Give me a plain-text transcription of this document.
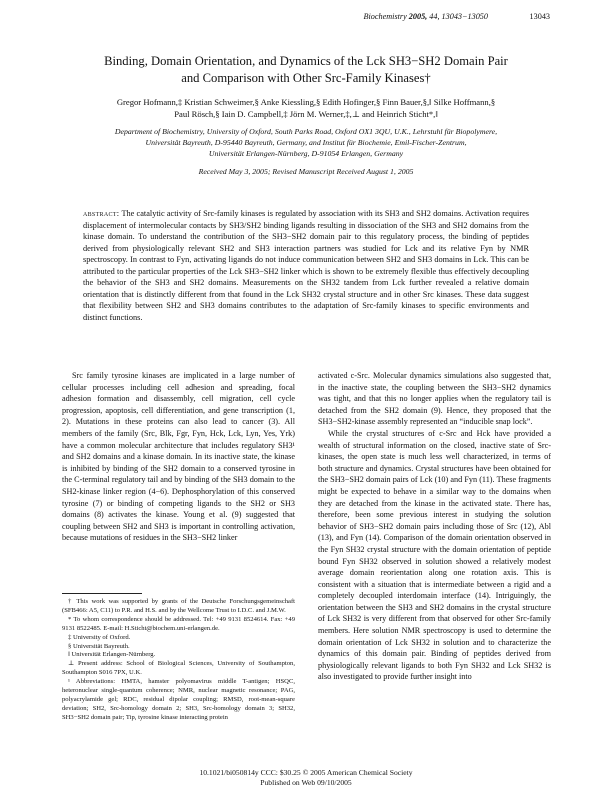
Biochemistry 2005, 44, 13043−13050	13043
Binding, Domain Orientation, and Dynamics of the Lck SH3−SH2 Domain Pair
and Comparison with Other Src-Family Kinases†
Gregor Hofmann,‡ Kristian Schweimer,§ Anke Kiessling,§ Edith Hofinger,§ Finn Bauer,§,‖ Silke Hoffmann,§
Paul Rösch,§ Iain D. Campbell,‡ Jörn M. Werner,‡,⊥ and Heinrich Sticht*,‖
Department of Biochemistry, University of Oxford, South Parks Road, Oxford OX1 3QU, U.K., Lehrstuhl für Biopolymere,
Universität Bayreuth, D-95440 Bayreuth, Germany, and Institut für Biochemie, Emil-Fischer-Zentrum,
Universität Erlangen-Nürnberg, D-91054 Erlangen, Germany
Received May 3, 2005; Revised Manuscript Received August 1, 2005
abstract: The catalytic activity of Src-family kinases is regulated by association with its SH3 and SH2 domains. Activation requires displacement of intermolecular contacts by SH3/SH2 binding ligands resulting in dissociation of the SH3 and SH2 domains from the kinase domain. To understand the contribution of the SH3−SH2 domain pair to this regulatory process, the binding of peptides derived from physiologically relevant SH2 and SH3 interaction partners was studied for Lck and its relative Fyn by NMR spectroscopy. In contrast to Fyn, activating ligands do not induce communication between SH2 and SH3 domains in Lck. This can be attributed to the particular properties of the Lck SH3−SH2 linker which is shown to be extremely flexible thus effectively decoupling the behavior of the SH3 and SH2 domains. Measurements on the SH32 tandem from Lck further revealed a relative domain orientation that is distinctly different from that found in the Lck SH32 crystal structure and in other Src kinases. These data suggest that flexibility between SH2 and SH3 domains contributes to the adaptation of Src-family kinases to specific environments and distinct functions.

Src family tyrosine kinases are implicated in a large number of cellular processes including cell adhesion and spreading, focal adhesion formation and disassembly, cell migration, cell cycle progression, apoptosis, cell differentiation, and gene transcription (1, 2). Mutations in these proteins can also lead to cancer (3). All members of the family (Src, Blk, Fgr, Fyn, Hck, Lck, Lyn, Yes, Yrk) have a common molecular architecture that includes regulatory SH3¹ and SH2 domains and a kinase domain. In its inactive state, the kinase is inhibited by binding of the SH2 domain to a conserved tyrosine in the C-terminal regulatory tail and by binding of the SH3 domain to the SH2-kinase linker region (4−6). Dephosphorylation of this conserved tyrosine (7) or binding of competing ligands to the SH2 or SH3 domains (8) activates the kinase. Young et al. (9) suggested that coupling between SH2 and SH3 is important in controlling activation, because mutations of residues in the SH3−SH2 linker

† This work was supported by grants of the Deutsche Forschungsgemeinschaft (SFB466: A5, C11) to P.R. and H.S. and by the Wellcome Trust to I.D.C. and J.M.W.

* To whom correspondence should be addressed. Tel: +49 9131 8524614. Fax: +49 9131 8522485. E-mail: H.Sticht@biochem.uni-erlangen.de.

‡ University of Oxford.

§ Universität Bayreuth.

‖ Universität Erlangen-Nürnberg.

⊥ Present address: School of Biological Sciences, University of Southampton, Southampton S016 7PX, U.K.

¹ Abbreviations: HMTA, hamster polyomavirus middle T-antigen; HSQC, heteronuclear single-quantum coherence; NMR, nuclear magnetic resonance; PAG, polyacrylamide gel; RDC, residual dipolar coupling; RMSD, root-mean-square deviation; SH2, Src-homology domain 2; SH3, Src-homology domain 3; SH32, SH3−SH2 domain pair; Tip, tyrosine kinase interacting protein

activated c-Src. Molecular dynamics simulations also suggested that, in the inactive state, the coupling between the SH3−SH2 dynamics was tight, and that this no longer applies when the regulatory tail is detached from the SH2 domain (9). Hence, they proposed that the SH3−SH2-kinase assembly represented an “inducible snap lock”.

While the crystal structures of c-Src and Hck have provided a wealth of structural information on the closed, inactive state of Src-kinases, the open state is much less well characterized, in terms of both structure and dynamics. Crystal structures have been obtained for the SH3−SH2 domain pairs of Lck (10) and Fyn (11). These fragments might be expected to behave in a similar way to the domains when they are detached from the kinase in the activated state. There has, therefore, been some previous interest in studying the solution behavior of SH3−SH2 domain pairs including those of Src (12), Abl (13), and Fyn (14). Comparison of the domain orientation observed in the Fyn SH32 crystal structure with the domain orientation of peptide bound Fyn SH32 observed in solution showed a relatively modest average domain reorientation along one rotation axis. This is consistent with a situation that is intermediate between a rigid and a completely decoupled interdomain interface (14). Intriguingly, the orientation between the SH3 and SH2 domains in the crystal structure of Lck SH32 is very different from that observed for other Src-family members. Here solution NMR spectroscopy is used to determine the domain orientation of Lck SH32 in solution and to characterize the dynamics of this domain pair. Binding of peptides derived from physiologically relevant ligands to both Fyn SH32 and Lck SH32 is also investigated to provide further insight into

10.1021/bi050814y CCC: $30.25 © 2005 American Chemical Society
Published on Web 09/10/2005
